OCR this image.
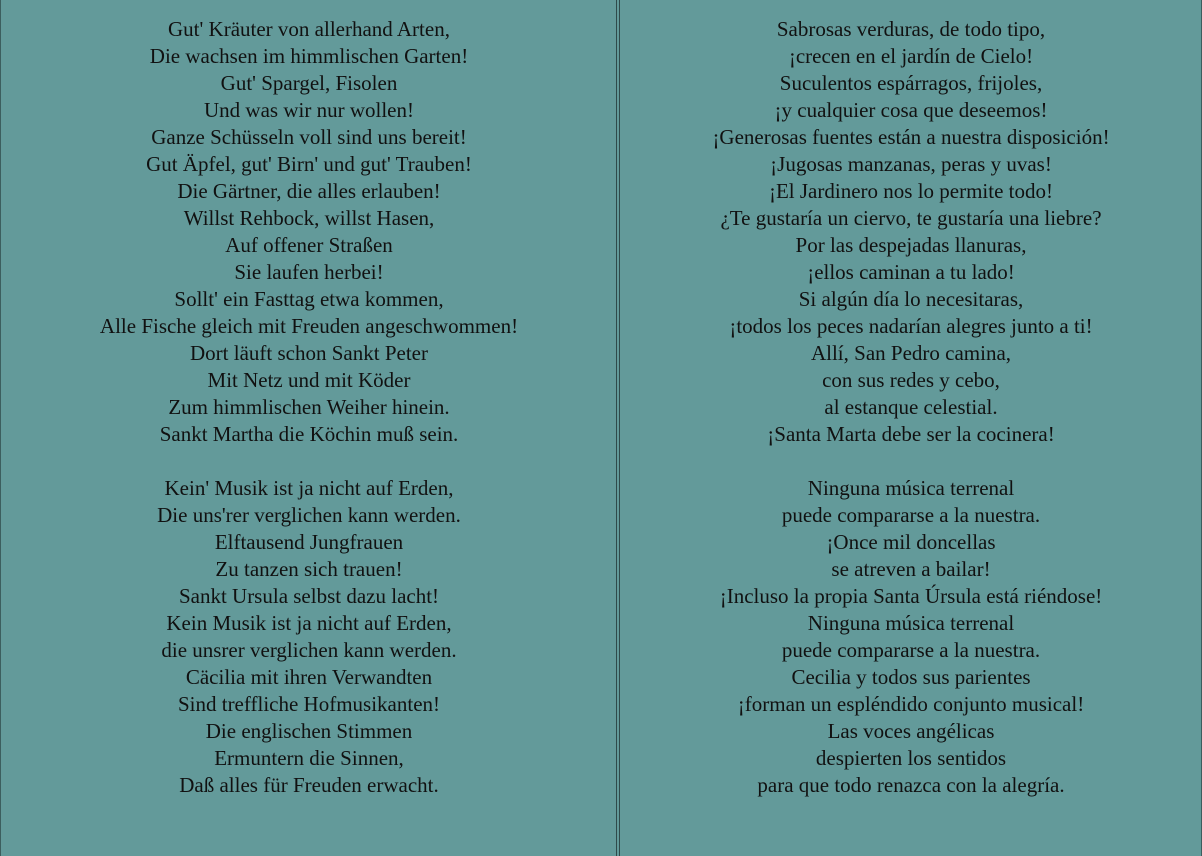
Gut' Kräuter von allerhand Arten,
Die wachsen im himmlischen Garten!
Gut' Spargel, Fisolen
Und was wir nur wollen!
Ganze Schüsseln voll sind uns bereit!
Gut Äpfel, gut' Birn' und gut' Trauben!
Die Gärtner, die alles erlauben!
Willst Rehbock, willst Hasen,
Auf offener Straßen
Sie laufen herbei!
Sollt' ein Fasttag etwa kommen,
Alle Fische gleich mit Freuden angeschwommen!
Dort läuft schon Sankt Peter
Mit Netz und mit Köder
Zum himmlischen Weiher hinein.
Sankt Martha die Köchin muß sein.
Kein' Musik ist ja nicht auf Erden,
Die uns'rer verglichen kann werden.
Elftausend Jungfrauen
Zu tanzen sich trauen!
Sankt Ursula selbst dazu lacht!
Kein Musik ist ja nicht auf Erden,
die unsrer verglichen kann werden.
Cäcilia mit ihren Verwandten
Sind treffliche Hofmusikanten!
Die englischen Stimmen
Ermuntern die Sinnen,
Daß alles für Freuden erwacht.
Sabrosas verduras, de todo tipo,
¡crecen en el jardín de Cielo!
Suculentos espárragos, frijoles,
¡y cualquier cosa que deseemos!
¡Generosas fuentes están a nuestra disposición!
¡Jugosas manzanas, peras y uvas!
¡El Jardinero nos lo permite todo!
¿Te gustaría un ciervo, te gustaría una liebre?
Por las despejadas llanuras,
¡ellos caminan a tu lado!
Si algún día lo necesitaras,
¡todos los peces nadarían alegres junto a ti!
Allí, San Pedro camina,
con sus redes y cebo,
al estanque celestial.
¡Santa Marta debe ser la cocinera!
Ninguna música terrenal
puede compararse a la nuestra.
¡Once mil doncellas
se atreven a bailar!
¡Incluso la propia Santa Úrsula está riéndose!
Ninguna música terrenal
puede compararse a la nuestra.
Cecilia y todos sus parientes
¡forman un espléndido conjunto musical!
Las voces angélicas
despierten los sentidos
para que todo renazca con la alegría.
